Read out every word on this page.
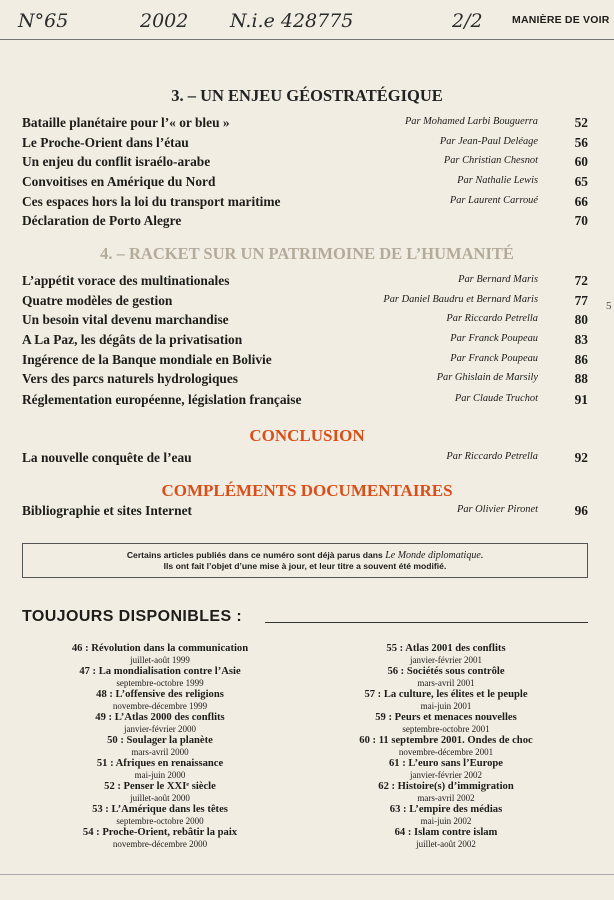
N°65	2002 N.i.e 428775	2/2	MANIÈRE DE VOIR
3. – UN ENJEU GÉOSTRATÉGIQUE
Bataille planétaire pour l’« or bleu »	Par Mohamed Larbi Bouguerra	52
Le Proche-Orient dans l’étau	Par Jean-Paul Deléage	56
Un enjeu du conflit israélo-arabe	Par Christian Chesnot	60
Convoitises en Amérique du Nord	Par Nathalie Lewis	65
Ces espaces hors la loi du transport maritime	Par Laurent Carroué	66
Déclaration de Porto Alegre	70
4. – RACKET SUR UN PATRIMOINE DE L’HUMANITÉ
L’appétit vorace des multinationales	Par Bernard Maris	72
Quatre modèles de gestion	Par Daniel Baudru et Bernard Maris	77
Un besoin vital devenu marchandise	Par Riccardo Petrella	80
A La Paz, les dégâts de la privatisation	Par Franck Poupeau	83
Ingérence de la Banque mondiale en Bolivie	Par Franck Poupeau	86
Vers des parcs naturels hydrologiques	Par Ghislain de Marsily	88
Réglementation européenne, législation française	Par Claude Truchot	91
CONCLUSION
La nouvelle conquête de l’eau	Par Riccardo Petrella	92
COMPLÉMENTS DOCUMENTAIRES
Bibliographie et sites Internet	Par Olivier Pironet	96
Certains articles publiés dans ce numéro sont déjà parus dans Le Monde diplomatique.
Ils ont fait l’objet d’une mise à jour, et leur titre a souvent été modifié.
TOUJOURS DISPONIBLES :
46 : Révolution dans la communication
juillet-août 1999
47 : La mondialisation contre l’Asie
septembre-octobre 1999
48 : L’offensive des religions
novembre-décembre 1999
49 : L’Atlas 2000 des conflits
janvier-février 2000
50 : Soulager la planète
mars-avril 2000
51 : Afriques en renaissance
mai-juin 2000
52 : Penser le XXIᵉ siècle
juillet-août 2000
53 : L’Amérique dans les têtes
septembre-octobre 2000
54 : Proche-Orient, rebâtir la paix
novembre-décembre 2000
55 : Atlas 2001 des conflits
janvier-février 2001
56 : Sociétés sous contrôle
mars-avril 2001
57 : La culture, les élites et le peuple
mai-juin 2001
59 : Peurs et menaces nouvelles
septembre-octobre 2001
60 : 11 septembre 2001. Ondes de choc
novembre-décembre 2001
61 : L’euro sans l’Europe
janvier-février 2002
62 : Histoire(s) d’immigration
mars-avril 2002
63 : L’empire des médias
mai-juin 2002
64 : Islam contre islam
juillet-août 2002
5
